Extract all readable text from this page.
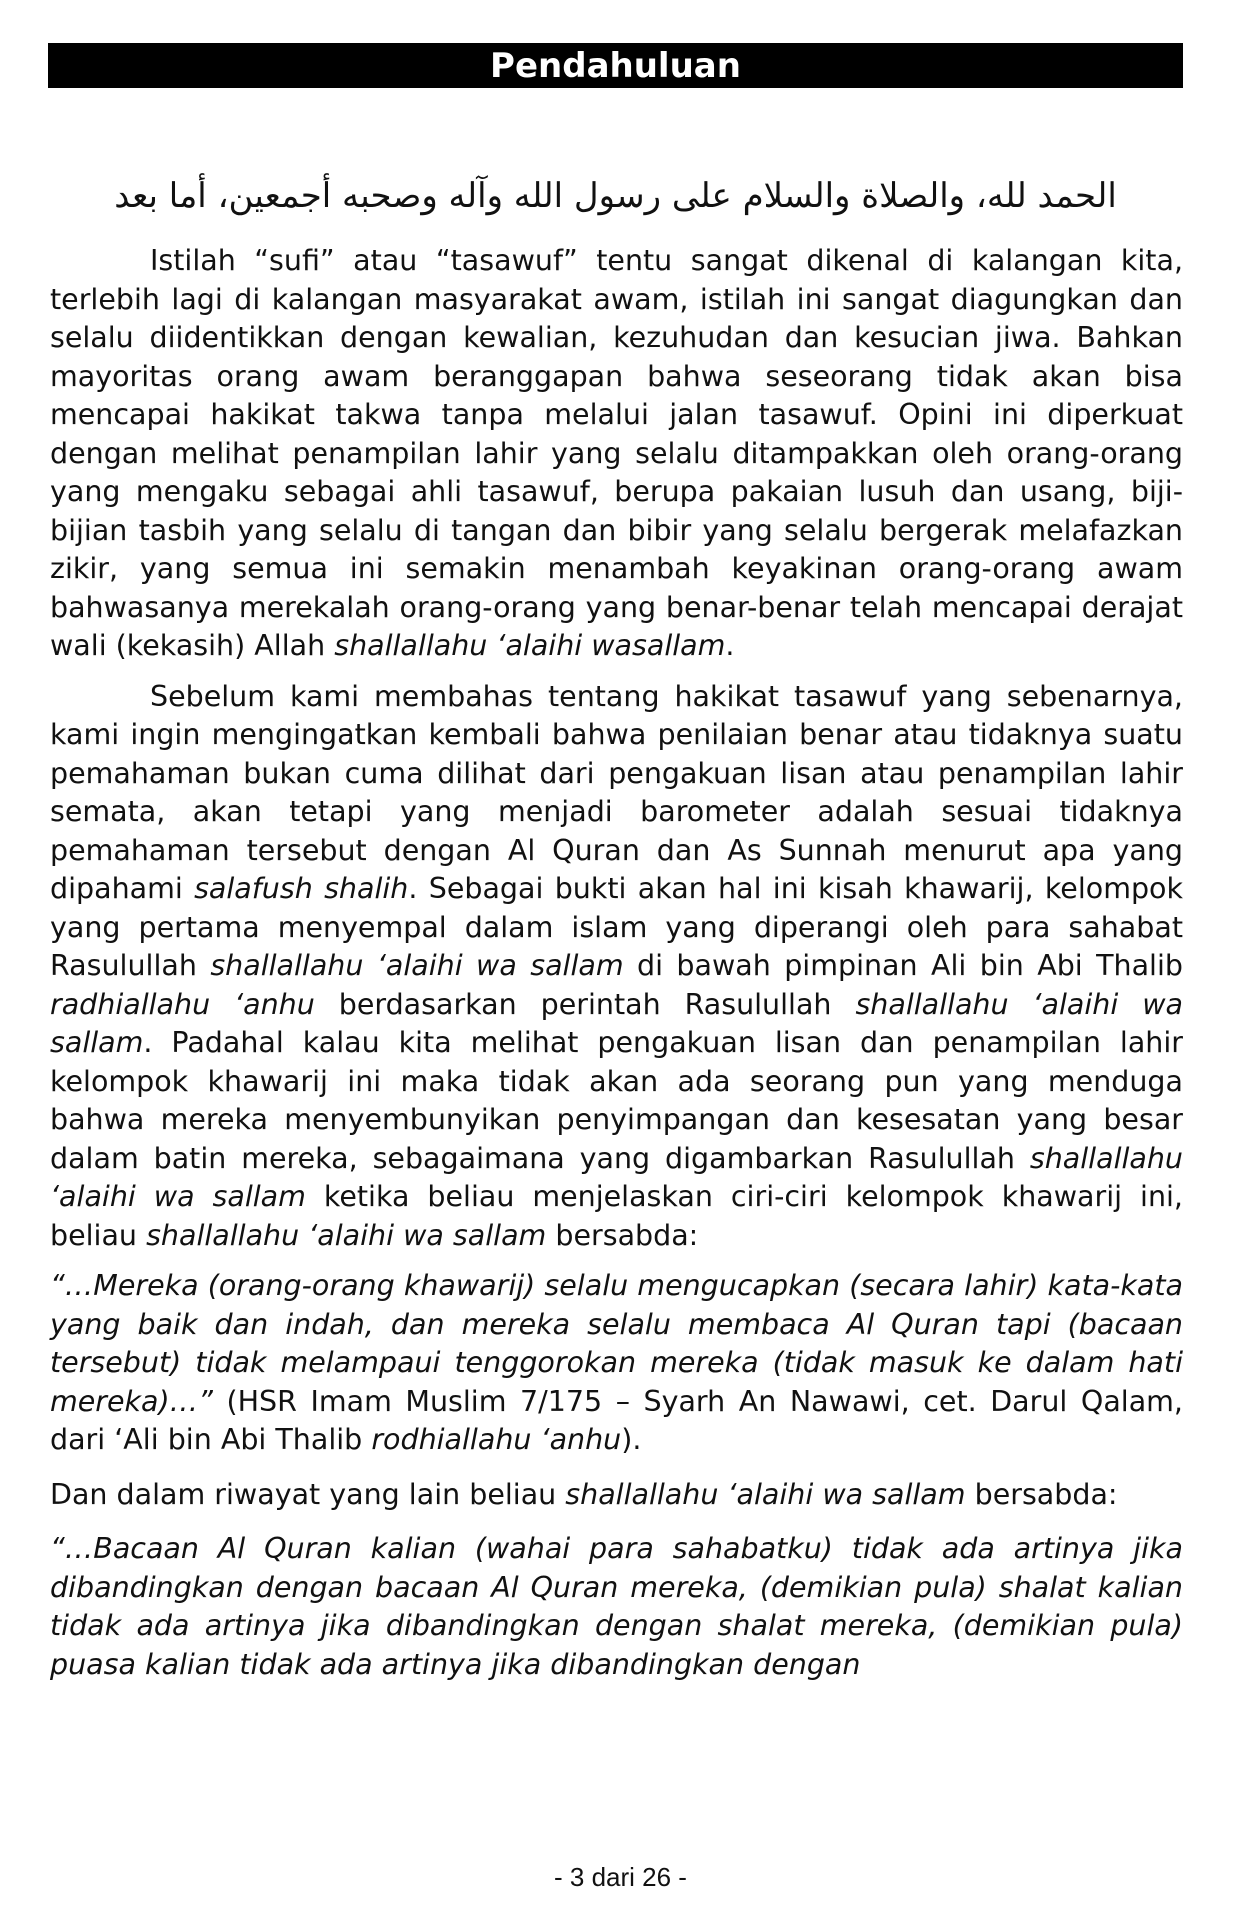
Pendahuluan
الحمد لله، والصلاة والسلام على رسول الله وآله وصحبه أجمعين، أما بعد

Istilah “sufi” atau “tasawuf” tentu sangat dikenal di kalangan kita, terlebih lagi di kalangan masyarakat awam, istilah ini sangat diagungkan dan selalu diidentikkan dengan kewalian, kezuhudan dan kesucian jiwa. Bahkan mayoritas orang awam beranggapan bahwa seseorang tidak akan bisa mencapai hakikat takwa tanpa melalui jalan tasawuf. Opini ini diperkuat dengan melihat penampilan lahir yang selalu ditampakkan oleh orang-orang yang mengaku sebagai ahli tasawuf, berupa pakaian lusuh dan usang, biji-bijian tasbih yang selalu di tangan dan bibir yang selalu bergerak melafazkan zikir, yang semua ini semakin menambah keyakinan orang-orang awam bahwasanya merekalah orang-orang yang benar-benar telah mencapai derajat wali (kekasih) Allah shallallahu ‘alaihi wasallam.

Sebelum kami membahas tentang hakikat tasawuf yang sebenarnya, kami ingin mengingatkan kembali bahwa penilaian benar atau tidaknya suatu pemahaman bukan cuma dilihat dari pengakuan lisan atau penampilan lahir semata, akan tetapi yang menjadi barometer adalah sesuai tidaknya pemahaman tersebut dengan Al Quran dan As Sunnah menurut apa yang dipahami salafush shalih. Sebagai bukti akan hal ini kisah khawarij, kelompok yang pertama menyempal dalam islam yang diperangi oleh para sahabat Rasulullah shallallahu ‘alaihi wa sallam di bawah pimpinan Ali bin Abi Thalib radhiallahu ‘anhu berdasarkan perintah Rasulullah shallallahu ‘alaihi wa sallam. Padahal kalau kita melihat pengakuan lisan dan penampilan lahir kelompok khawarij ini maka tidak akan ada seorang pun yang menduga bahwa mereka menyembunyikan penyimpangan dan kesesatan yang besar dalam batin mereka, sebagaimana yang digambarkan Rasulullah shallallahu ‘alaihi wa sallam ketika beliau menjelaskan ciri-ciri kelompok khawarij ini, beliau shallallahu ‘alaihi wa sallam bersabda:

“…Mereka (orang-orang khawarij) selalu mengucapkan (secara lahir) kata-kata yang baik dan indah, dan mereka selalu membaca Al Quran tapi (bacaan tersebut) tidak melampaui tenggorokan mereka (tidak masuk ke dalam hati mereka)…” (HSR Imam Muslim 7/175 – Syarh An Nawawi, cet. Darul Qalam, dari ‘Ali bin Abi Thalib rodhiallahu ‘anhu).

Dan dalam riwayat yang lain beliau shallallahu ‘alaihi wa sallam bersabda:

“…Bacaan Al Quran kalian (wahai para sahabatku) tidak ada artinya jika dibandingkan dengan bacaan Al Quran mereka, (demikian pula) shalat kalian tidak ada artinya jika dibandingkan dengan shalat mereka, (demikian pula) puasa kalian tidak ada artinya jika dibandingkan dengan

- 3 dari 26 -
